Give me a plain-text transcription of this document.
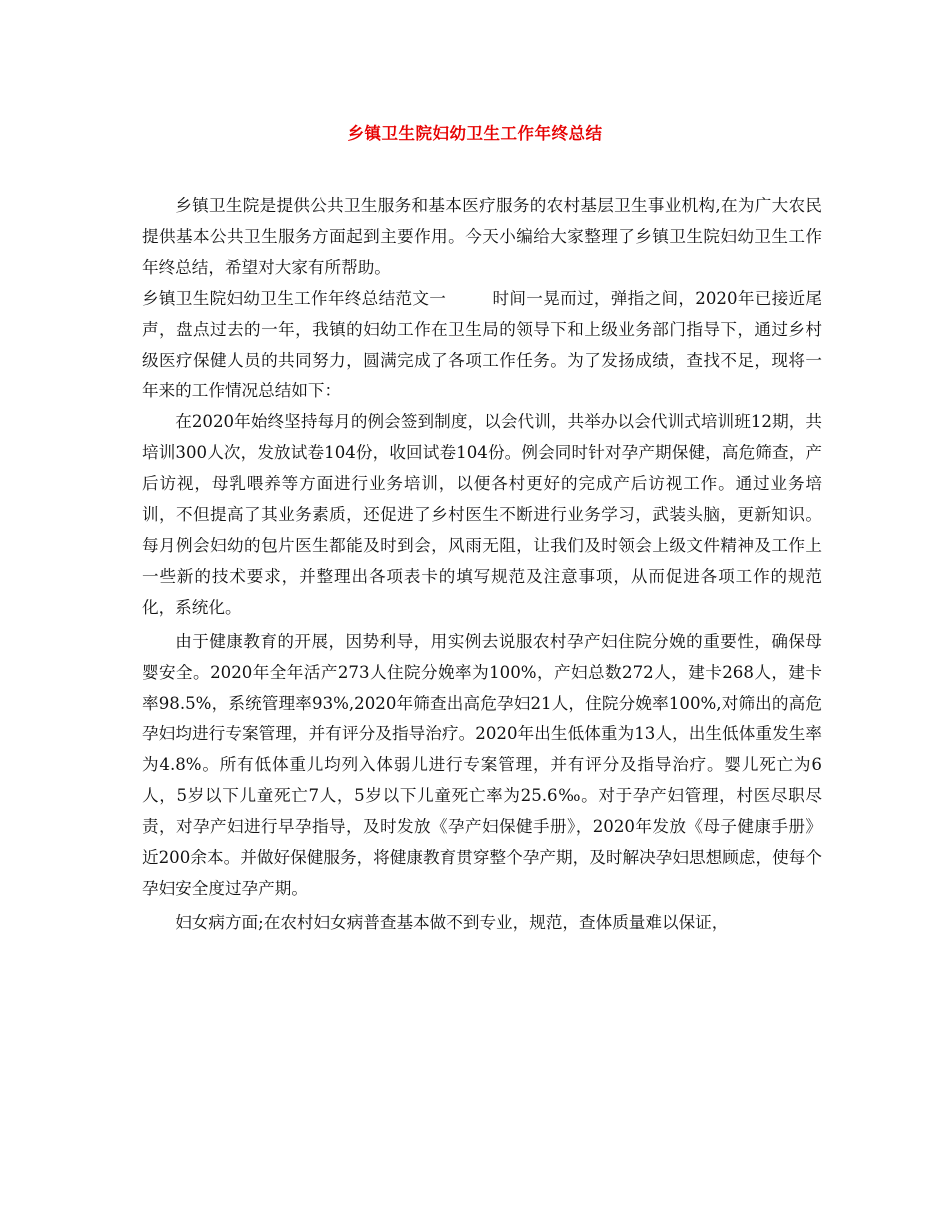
乡镇卫生院妇幼卫生工作年终总结

乡镇卫生院是提供公共卫生服务和基本医疗服务的农村基层卫生事业机构,在为广大农民提供基本公共卫生服务方面起到主要作用。今天小编给大家整理了乡镇卫生院妇幼卫生工作年终总结，希望对大家有所帮助。

乡镇卫生院妇幼卫生工作年终总结范文一	时间一晃而过，弹指之间，2020年已接近尾声，盘点过去的一年，我镇的妇幼工作在卫生局的领导下和上级业务部门指导下，通过乡村级医疗保健人员的共同努力，圆满完成了各项工作任务。为了发扬成绩，查找不足，现将一年来的工作情况总结如下：

在2020年始终坚持每月的例会签到制度，以会代训，共举办以会代训式培训班12期，共培训300人次，发放试卷104份，收回试卷104份。例会同时针对孕产期保健，高危筛查，产后访视，母乳喂养等方面进行业务培训，以便各村更好的完成产后访视工作。通过业务培训，不但提高了其业务素质，还促进了乡村医生不断进行业务学习，武装头脑，更新知识。每月例会妇幼的包片医生都能及时到会，风雨无阻，让我们及时领会上级文件精神及工作上一些新的技术要求，并整理出各项表卡的填写规范及注意事项，从而促进各项工作的规范化，系统化。

由于健康教育的开展，因势利导，用实例去说服农村孕产妇住院分娩的重要性，确保母婴安全。2020年全年活产273人住院分娩率为100%，产妇总数272人，建卡268人，建卡率98.5%，系统管理率93%,2020年筛查出高危孕妇21人，住院分娩率100%,对筛出的高危孕妇均进行专案管理，并有评分及指导治疗。2020年出生低体重为13人，出生低体重发生率为4.8%。所有低体重儿均列入体弱儿进行专案管理，并有评分及指导治疗。婴儿死亡为6人，5岁以下儿童死亡7人，5岁以下儿童死亡率为25.6‰。对于孕产妇管理，村医尽职尽责，对孕产妇进行早孕指导，及时发放《孕产妇保健手册》，2020年发放《母子健康手册》近200余本。并做好保健服务，将健康教育贯穿整个孕产期，及时解决孕妇思想顾虑，使每个孕妇安全度过孕产期。

妇女病方面;在农村妇女病普查基本做不到专业，规范，查体质量难以保证，
